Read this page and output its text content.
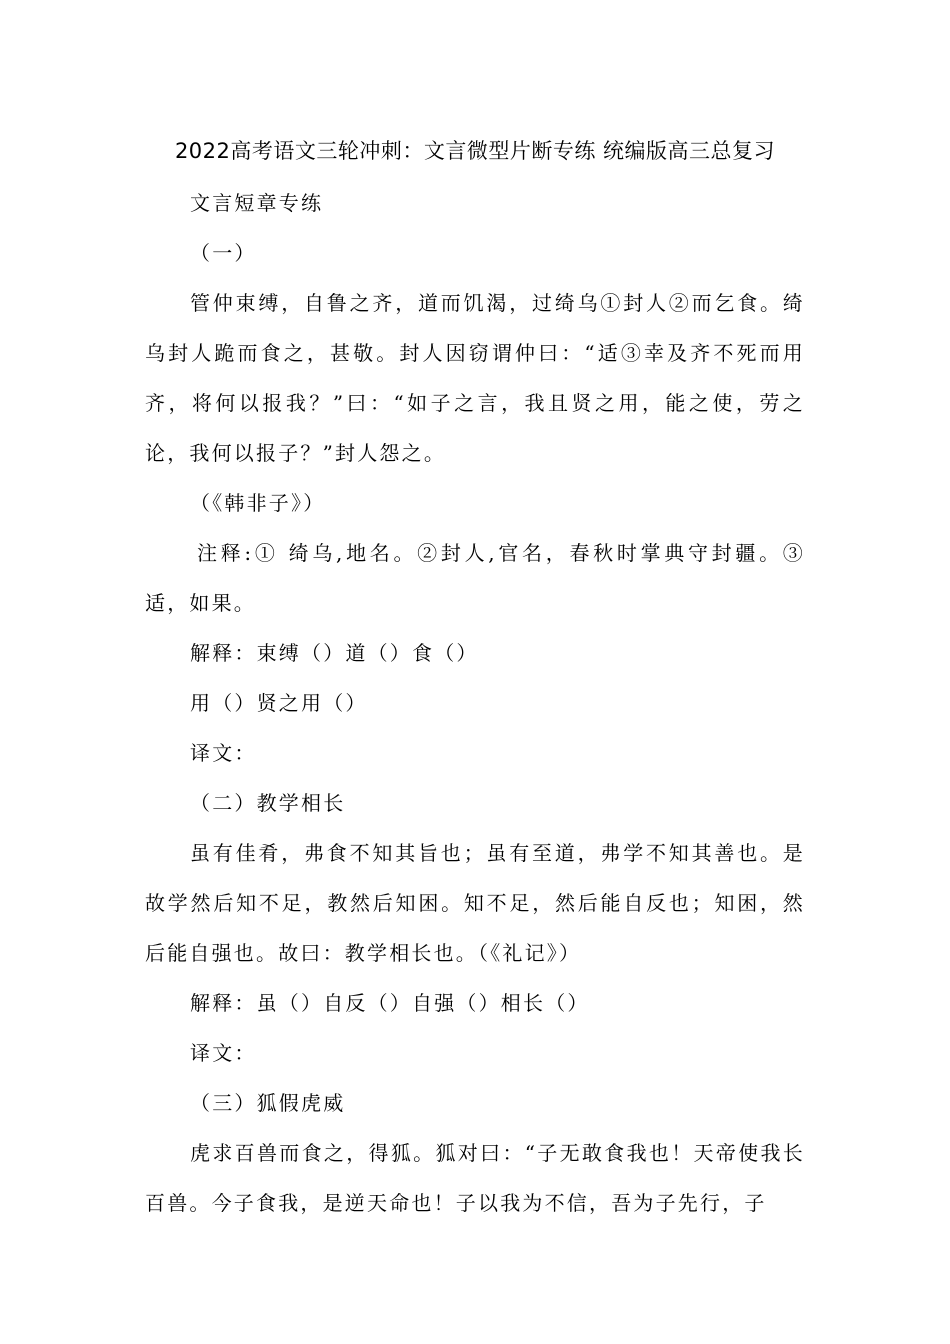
2022高考语文三轮冲刺：文言微型片断专练 统编版高三总复习

文言短章专练

（一）

管仲束缚，自鲁之齐，道而饥渴，过绮乌①封人②而乞食。绮乌封人跪而食之，甚敬。封人因窃谓仲曰：“适③幸及齐不死而用齐，将何以报我？”曰：“如子之言，我且贤之用，能之使，劳之论，我何以报子？”封人怨之。

（《韩非子》）

注释:① 绮乌,地名。②封人,官名，春秋时掌典守封疆。③适，如果。

解释：束缚（）道（）食（）

用（）贤之用（）

译文：

（二）教学相长

虽有佳肴，弗食不知其旨也；虽有至道，弗学不知其善也。是故学然后知不足，教然后知困。知不足，然后能自反也；知困，然后能自强也。故曰：教学相长也。（《礼记》）

解释：虽（）自反（）自强（）相长（）

译文：

（三）狐假虎威

虎求百兽而食之，得狐。狐对曰：“子无敢食我也！天帝使我长百兽。今子食我，是逆天命也！子以我为不信，吾为子先行，子
